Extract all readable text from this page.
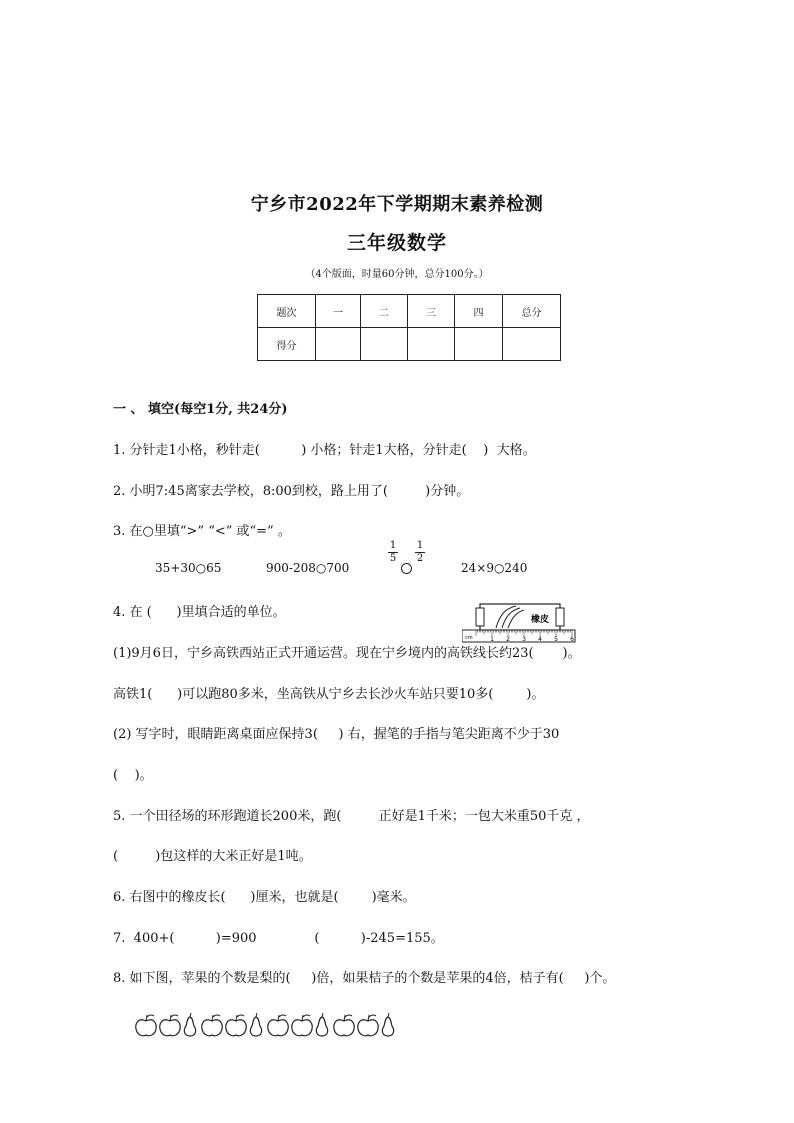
宁乡市2022年下学期期末素养检测
三年级数学
（4个版面，时量60分钟，总分100分。）
题次	一	二	三	四	总分
得分					
一 、 填空(每空1分, 共24分)
1. 分针走1小格，秒针走(          ) 小格；针走1大格，分针走(    )  大格。
2. 小明7:45离家去学校，8:00到校，路上用了(         )分钟。
3. 在○里填“>” “<” 或“=” 。
35+30○65	900-208○700
$\frac{1}{5} \frac{1}{2}$
24×9○240
4. 在 (      )里填合适的单位。	橡皮
1 2 3 4 5 6
cm
(1)9月6日，宁乡高铁西站正式开通运营。现在宁乡境内的高铁线长约23(       )。
高铁1(      )可以跑80多米，坐高铁从宁乡去长沙火车站只要10多(        )。
(2) 写字时，眼睛距离桌面应保持3(     ) 右，握笔的手指与笔尖距离不少于30
(    )。
5. 一个田径场的环形跑道长200米，跑(         正好是1千米；一包大米重50千克 ，
(         )包这样的大米正好是1吨。
6. 右图中的橡皮长(      )厘米，也就是(        )毫米。
7.  400+(          )=900              (          )-245=155。
8. 如下图，苹果的个数是梨的(     )倍，如果桔子的个数是苹果的4倍，桔子有(     )个。
